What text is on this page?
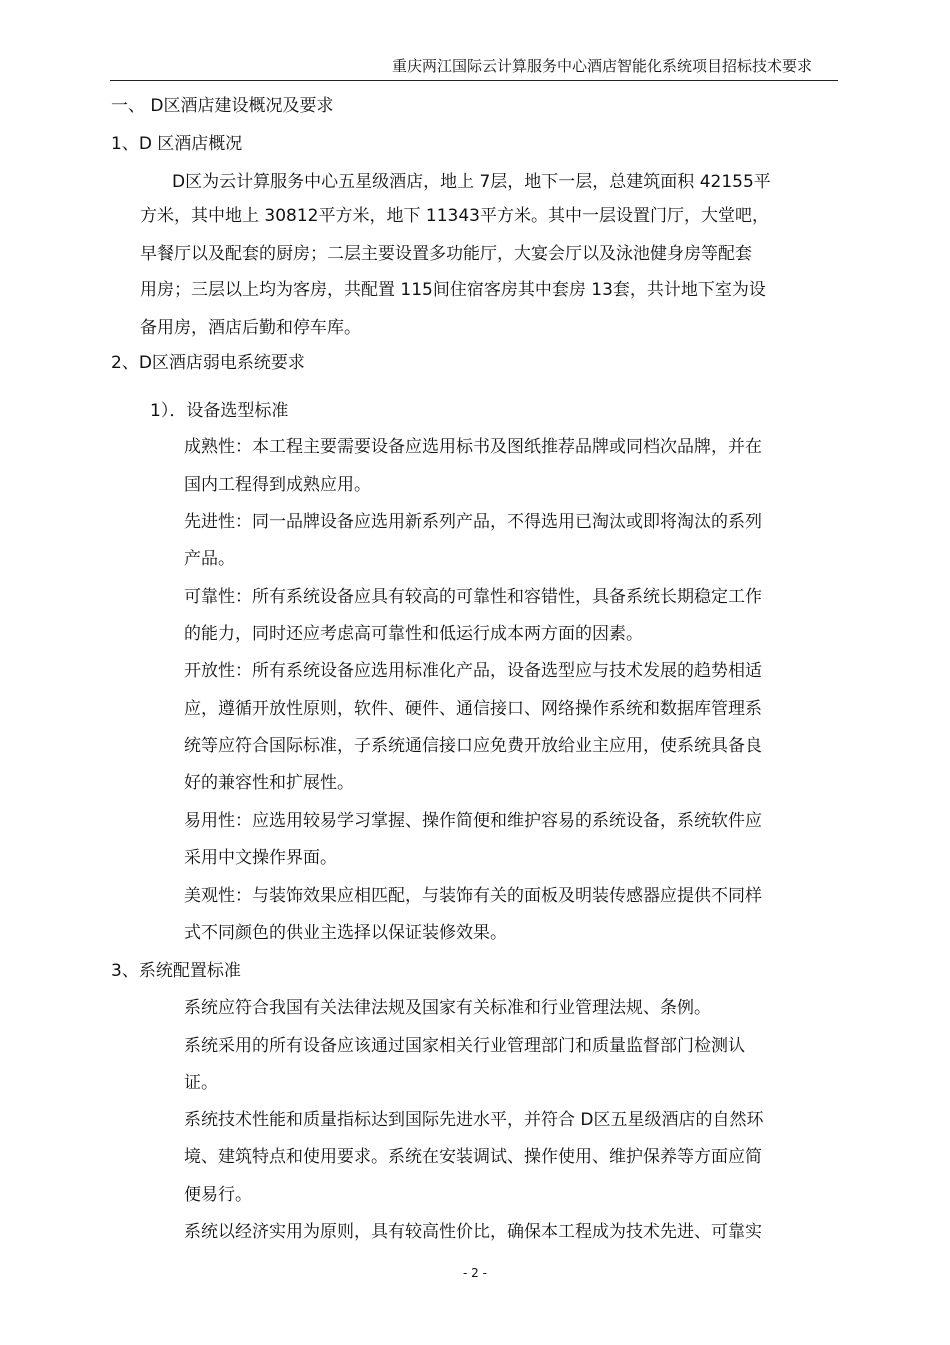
重庆两江国际云计算服务中心酒店智能化系统项目招标技术要求
一、 D区酒店建设概况及要求
1、D 区酒店概况
D区为云计算服务中心五星级酒店，地上 7层，地下一层，总建筑面积 42155平
方米，其中地上 30812平方米，地下 11343平方米。其中一层设置门厅，大堂吧，
早餐厅以及配套的厨房；二层主要设置多功能厅，大宴会厅以及泳池健身房等配套
用房；三层以上均为客房，共配置 115间住宿客房其中套房 13套，共计地下室为设
备用房，酒店后勤和停车库。
2、D区酒店弱电系统要求
1）．设备选型标准
成熟性：本工程主要需要设备应选用标书及图纸推荐品牌或同档次品牌，并在
国内工程得到成熟应用。
先进性：同一品牌设备应选用新系列产品，不得选用已淘汰或即将淘汰的系列
产品。
可靠性：所有系统设备应具有较高的可靠性和容错性，具备系统长期稳定工作
的能力，同时还应考虑高可靠性和低运行成本两方面的因素。
开放性：所有系统设备应选用标准化产品，设备选型应与技术发展的趋势相适
应，遵循开放性原则，软件、硬件、通信接口、网络操作系统和数据库管理系
统等应符合国际标准，子系统通信接口应免费开放给业主应用，使系统具备良
好的兼容性和扩展性。
易用性：应选用较易学习掌握、操作简便和维护容易的系统设备，系统软件应
采用中文操作界面。
美观性：与装饰效果应相匹配，与装饰有关的面板及明装传感器应提供不同样
式不同颜色的供业主选择以保证装修效果。
3、系统配置标准
系统应符合我国有关法律法规及国家有关标准和行业管理法规、条例。
系统采用的所有设备应该通过国家相关行业管理部门和质量监督部门检测认
证。
系统技术性能和质量指标达到国际先进水平，并符合 D区五星级酒店的自然环
境、建筑特点和使用要求。系统在安装调试、操作使用、维护保养等方面应简
便易行。
系统以经济实用为原则，具有较高性价比，确保本工程成为技术先进、可靠实
- 2 -
